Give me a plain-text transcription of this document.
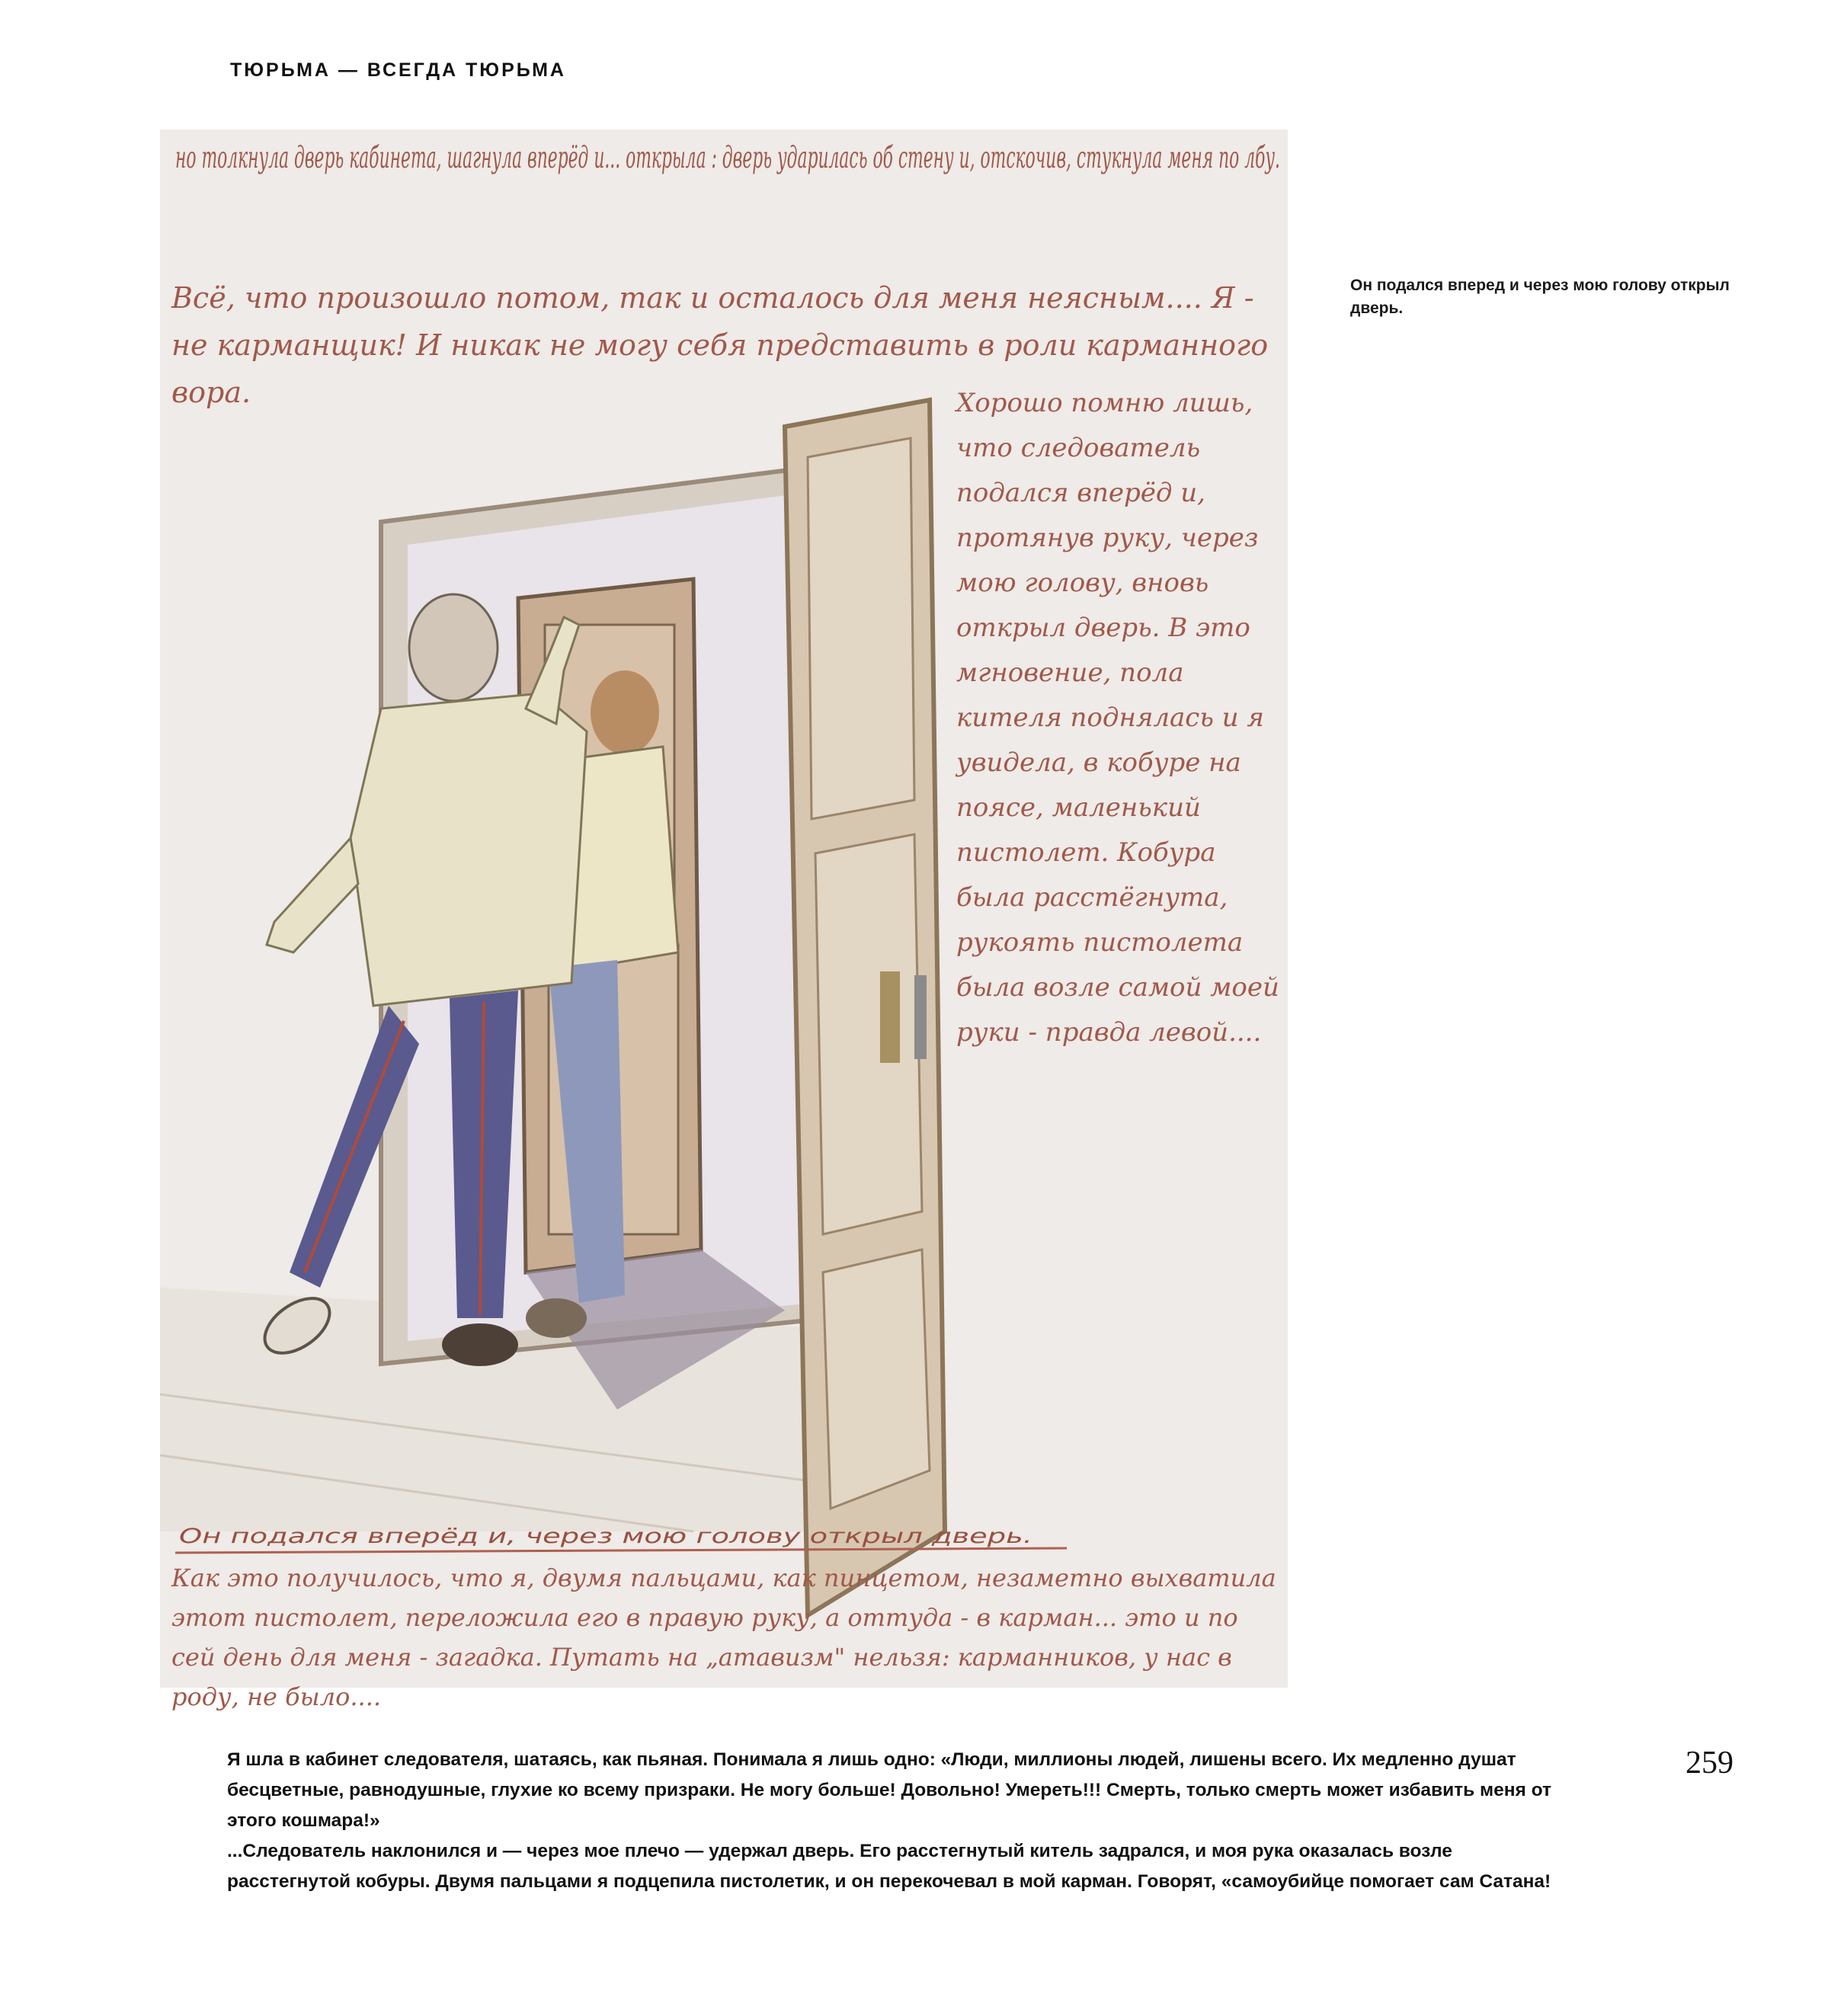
ТЮРЬМА — ВСЕГДА ТЮРЬМА
но толкнула дверь кабинета, шагнула вперёд и... открыла : дверь ударилась об стену и, отскочив, стукнула меня по лбу.
Всё, что произошло потом, так и осталось для меня неясным.... Я - не карманщик! И никак не могу себя представить в роли карманного вора.	Хорошо помню лишь, что следователь подался вперёд и, протянув руку, через мою голову, вновь открыл дверь. В это мгновение, пола кителя поднялась и я увидела, в кобуре на поясе, маленький пистолет. Кобура была расстёгнута, рукоять пистолета была возле самой моей руки - правда левой....
Как это получилось, что я, двумя пальцами, как пинцетом, незаметно выхватила этот пистолет, переложила его в правую руку, а оттуда - в карман... это и по сей день для меня - загадка. Путать на „атавизм" нельзя: карманников, у нас в роду, не было....
Он подался вперёд и, через мою голову открыл дверь.
Он подался вперед и через мою голову открыл дверь.
259

Я шла в кабинет следователя, шатаясь, как пьяная. Понимала я лишь одно: «Люди, миллионы людей, лишены всего. Их медленно душат бесцветные, равнодушные, глухие ко всему призраки. Не могу больше! Довольно! Умереть!!! Смерть, только смерть может избавить меня от этого кошмара!»

...Следователь наклонился и — через мое плечо — удержал дверь. Его расстегнутый китель задрался, и моя рука оказалась возле расстегнутой кобуры. Двумя пальцами я подцепила пистолетик, и он перекочевал в мой карман. Говорят, «самоубийце помогает сам Сатана!
